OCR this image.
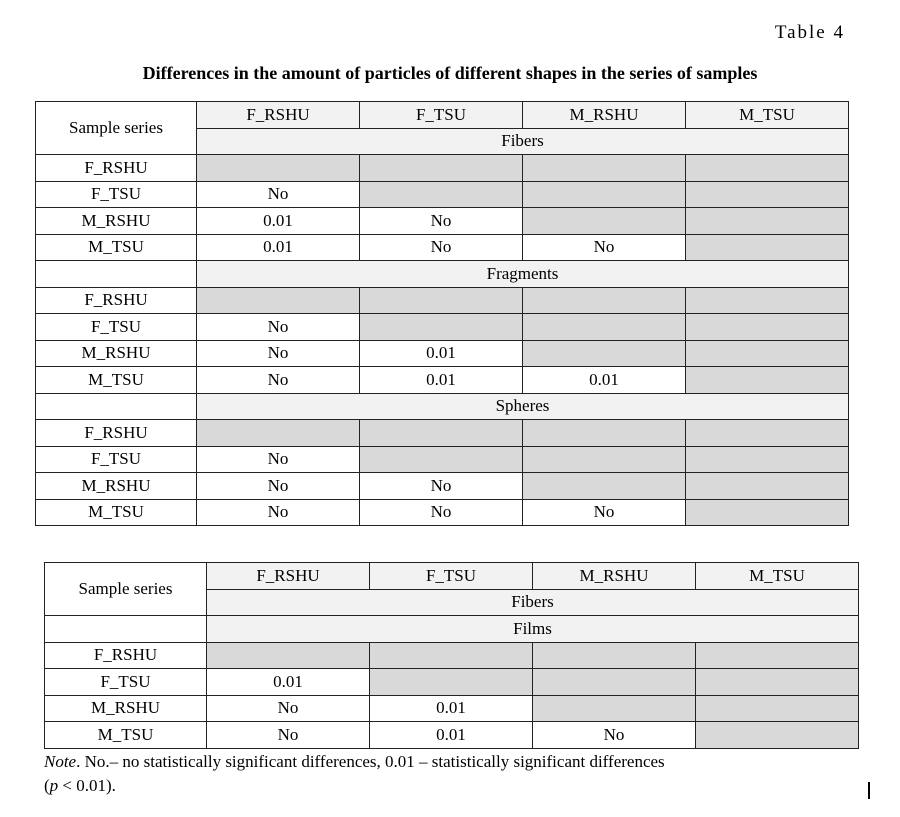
Table 4
Differences in the amount of particles of different shapes in the series of samples
Sample series	F_RSHU	F_TSU	M_RSHU	M_TSU
	Fibers			
F_RSHU				
F_TSU	No			
M_RSHU	0.01	No		
M_TSU	0.01	No	No	
	Fragments			
F_RSHU				
F_TSU	No			
M_RSHU	No	0.01		
M_TSU	No	0.01	0.01	
	Spheres			
F_RSHU				
F_TSU	No			
M_RSHU	No	No		
M_TSU	No	No	No	
Sample series	F_RSHU	F_TSU	M_RSHU	M_TSU
	Fibers			
	Films			
F_RSHU				
F_TSU	0.01			
M_RSHU	No	0.01		
M_TSU	No	0.01	No	
Note. No.– no statistically significant differences, 0.01 – statistically significant differences
(p < 0.01).
